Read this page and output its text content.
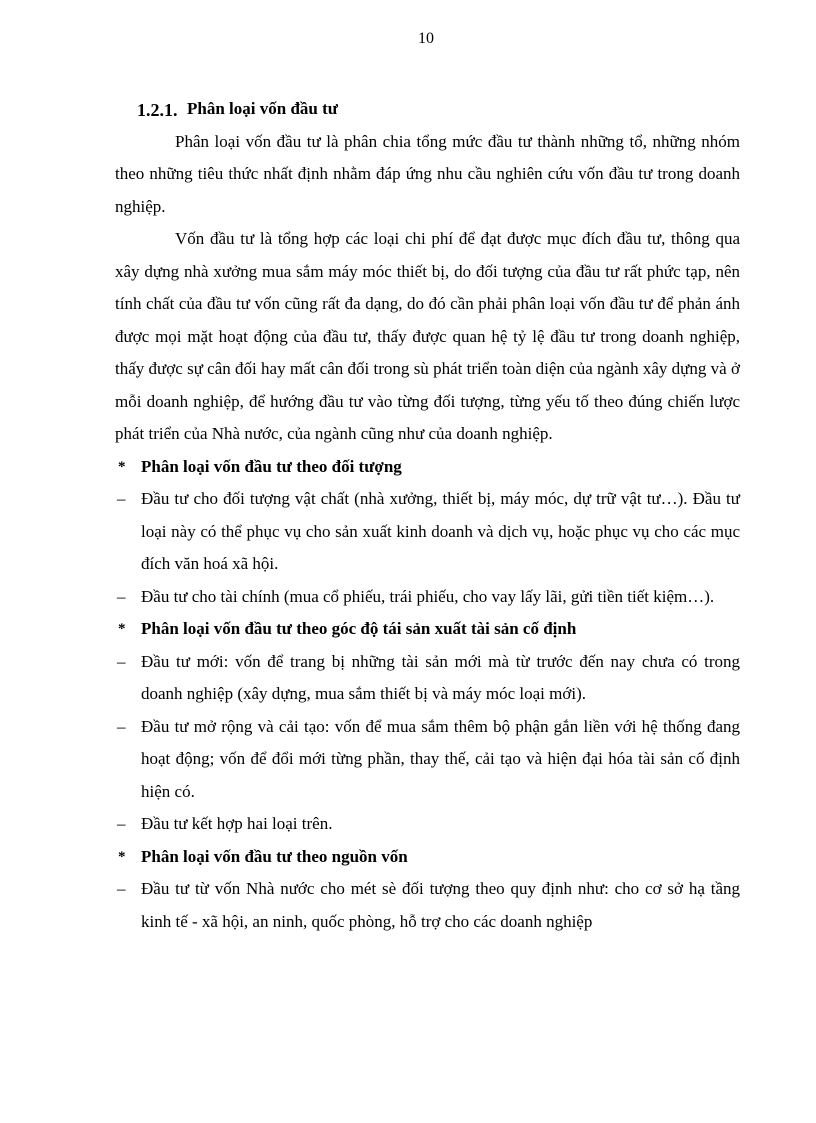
10

1.2.1. Phân loại vốn đầu tư

Phân loại vốn đầu tư là phân chia tổng mức đầu tư thành những tổ, những nhóm theo những tiêu thức nhất định nhằm đáp ứng nhu cầu nghiên cứu vốn đầu tư trong doanh nghiệp.

Vốn đầu tư là tổng hợp các loại chi phí để đạt được mục đích đầu tư, thông qua xây dựng nhà xưởng mua sắm máy móc thiết bị, do đối tượng của đầu tư rất phức tạp, nên tính chất của đầu tư vốn cũng rất đa dạng, do đó cần phải phân loại vốn đầu tư để phản ánh được mọi mặt hoạt động của đầu tư, thấy được quan hệ tỷ lệ đầu tư trong doanh nghiệp, thấy được sự cân đối hay mất cân đối trong sù phát triển toàn diện của ngành xây dựng và ở mỗi doanh nghiệp, để hướng đầu tư vào từng đối tượng, từng yếu tố theo đúng chiến lược phát triển của Nhà nước, của ngành cũng như của doanh nghiệp.

* Phân loại vốn đầu tư theo đối tượng

– Đầu tư cho đối tượng vật chất (nhà xưởng, thiết bị, máy móc, dự trữ vật tư…). Đầu tư loại này có thể phục vụ cho sản xuất kinh doanh và dịch vụ, hoặc phục vụ cho các mục đích văn hoá xã hội.

– Đầu tư cho tài chính (mua cổ phiếu, trái phiếu, cho vay lấy lãi, gửi tiền tiết kiệm…).

* Phân loại vốn đầu tư theo góc độ tái sản xuất tài sản cố định

– Đầu tư mới: vốn để trang bị những tài sản mới mà từ trước đến nay chưa có trong doanh nghiệp (xây dựng, mua sắm thiết bị và máy móc loại mới).

– Đầu tư mở rộng và cải tạo: vốn để mua sắm thêm bộ phận gắn liền với hệ thống đang hoạt động; vốn để đổi mới từng phần, thay thế, cải tạo và hiện đại hóa tài sản cố định hiện có.

– Đầu tư kết hợp hai loại trên.

* Phân loại vốn đầu tư theo nguồn vốn

– Đầu tư từ vốn Nhà nước cho mét sè đối tượng theo quy định như: cho cơ sở hạ tầng kinh tế - xã hội, an ninh, quốc phòng, hỗ trợ cho các doanh nghiệp
